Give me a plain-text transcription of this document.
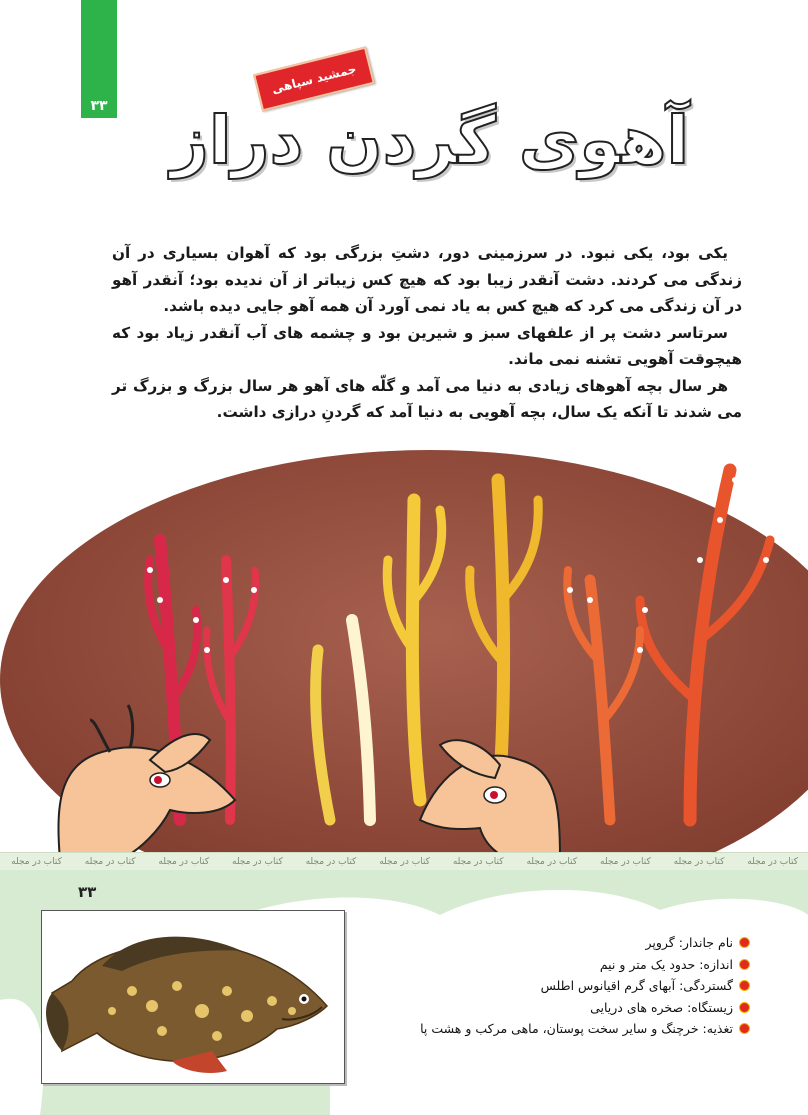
۳۳
جمشید سپاهی
آهوی گردن دراز

یکی بود، یکی نبود. در سرزمینی دور، دشتِ بزرگی بود که آهوان بسیاری در آن زندگی می کردند. دشت آنقدر زیبا بود که هیچ کس زیباتر از آن ندیده بود؛ آنقدر آهو در آن زندگی می کرد که هیچ کس به یاد نمی آورد آن همه آهو جایی دیده باشد.

سرتاسر دشت پر از علفهای سبز و شیرین بود و چشمه های آب آنقدر زیاد بود که هیچوقت آهویی تشنه نمی ماند.

هر سال بچه آهوهای زیادی به دنیا می آمد و گلّه های آهو هر سال بزرگ و بزرگ تر می شدند تا آنکه یک سال، بچه آهویی به دنیا آمد که گردنِ درازی داشت.

کتاب در مجله کتاب در مجله کتاب در مجله کتاب در مجله کتاب در مجله کتاب در مجله کتاب در مجله کتاب در مجله کتاب در مجله کتاب در مجله کتاب در مجله
۳۳
نام جاندار: گروپر
اندازه: حدود یک متر و نیم
گستردگی: آبهای گرم اقیانوس اطلس
زیستگاه: صخره های دریایی
تغذیه: خرچنگ و سایر سخت پوستان، ماهی مرکب و هشت پا
